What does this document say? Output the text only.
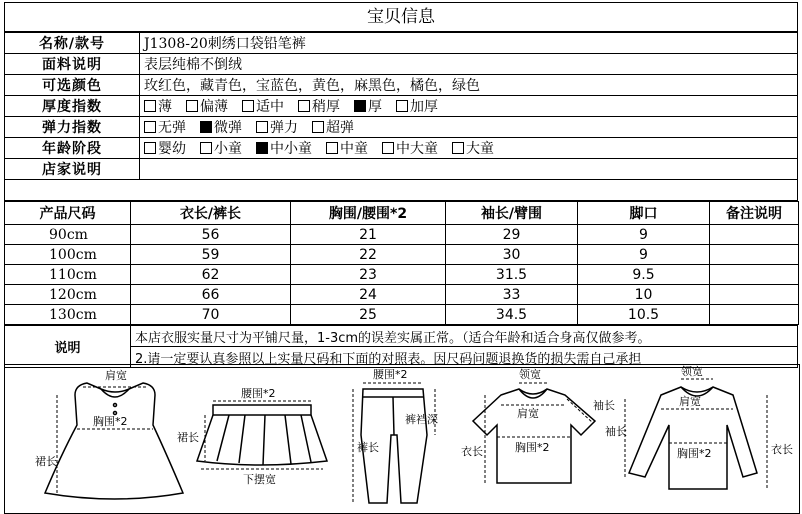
宝贝信息
名称/款号	J1308-20刺绣口袋铅笔裤
面料说明	表层纯棉不倒绒
可选颜色	玫红色，藏青色，宝蓝色，黄色，麻黑色，橘色，绿色
厚度指数	薄 偏薄 适中 稍厚 厚 加厚
弹力指数	无弹 微弹 弹力 超弹
年龄阶段	婴幼 小童 中小童 中童 中大童 大童
店家说明	

产品尺码	衣长/裤长	胸围/腰围*2	袖长/臂围	脚口	备注说明
90cm	56	21	29	9	
100cm	59	22	30	9	
110cm	62	23	31.5	9.5	
120cm	66	24	33	10	
130cm	70	25	34.5	10.5	
说明	本店衣服实量尺寸为平铺尺量，1-3cm的误差实属正常。（适合年龄和适合身高仅做参考。
2.请一定要认真参照以上实量尺码和下面的对照表。因尺码问题退换货的损失需自己承担
肩宽
胸围*2
裙长
腰围*2
裙长
下摆宽
腰围*2
裤长
裤裆深
领宽
肩宽
胸围*2
袖长
衣长
领宽
肩宽
胸围*2
袖长
衣长
